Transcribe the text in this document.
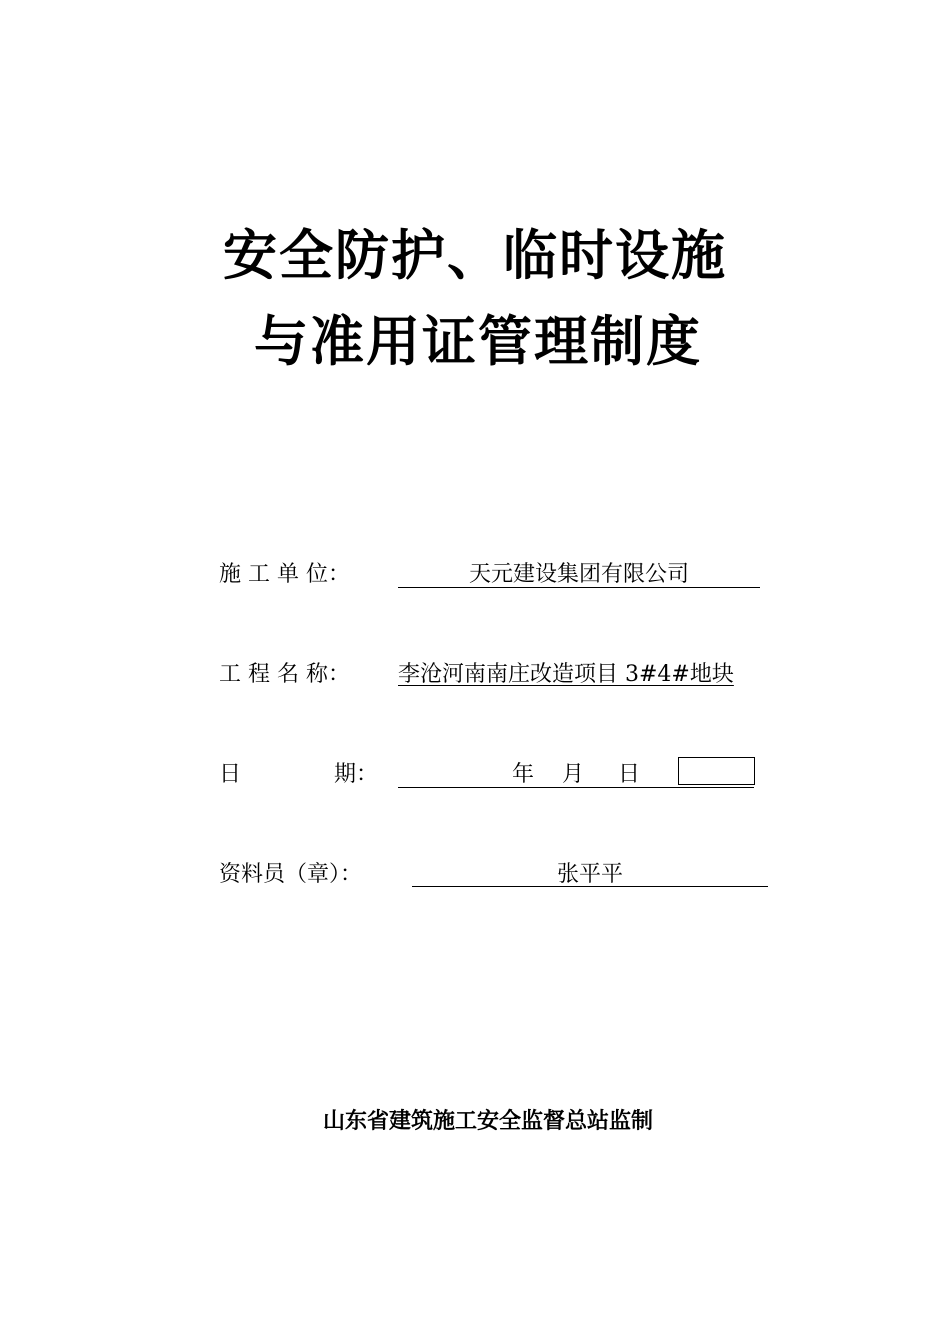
安全防护、临时设施
与准用证管理制度
施 工 单 位：	天元建设集团有限公司
工 程 名 称： 李沧河南南庄改造项目 3#4#地块
日	期：	年 月 日
资料员（章）：	张平平
山东省建筑施工安全监督总站监制
